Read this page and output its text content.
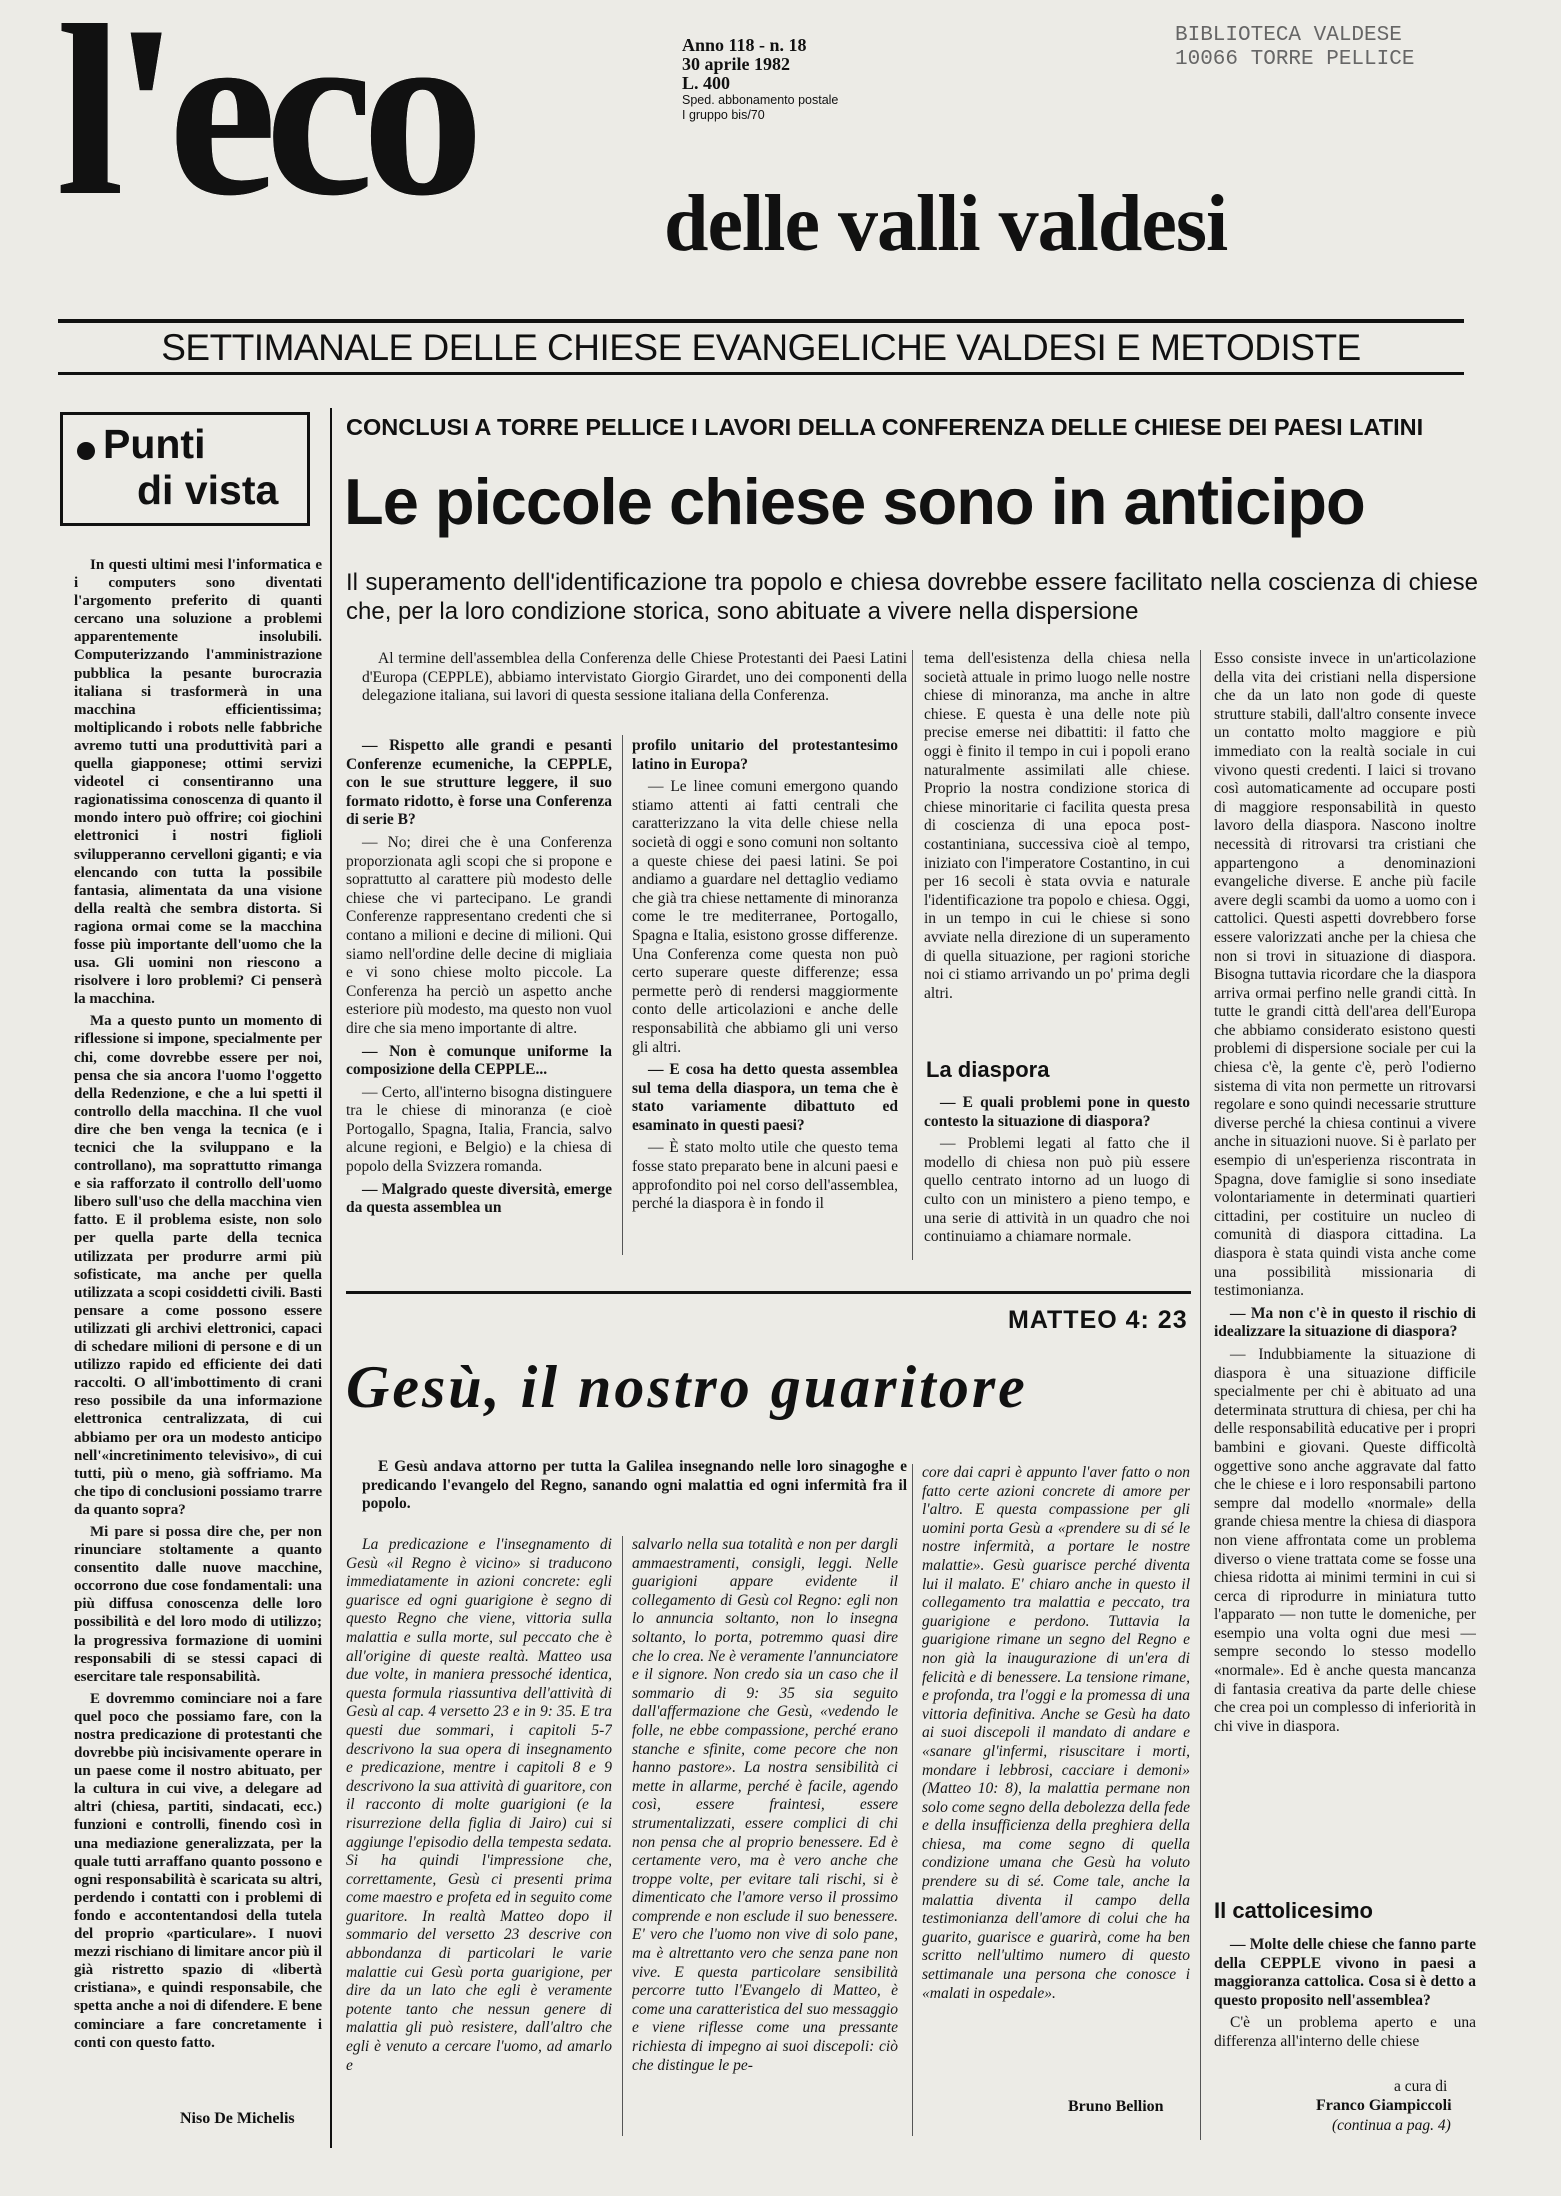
l'eco delle valli valdesi
Anno 118 - n. 18
30 aprile 1982
L. 400
Sped. abbonamento postale
I gruppo bis/70
BIBLIOTECA VALDESE
10066 TORRE PELLICE
SETTIMANALE DELLE CHIESE EVANGELICHE VALDESI E METODISTE
Punti
di vista

In questi ultimi mesi l'informatica e i computers sono diventati l'argomento preferito di quanti cercano una soluzione a problemi apparentemente insolubili. Computerizzando l'amministrazione pubblica la pesante burocrazia italiana si trasformerà in una macchina efficientissima; moltiplicando i robots nelle fabbriche avremo tutti una produttività pari a quella giapponese; ottimi servizi videotel ci consentiranno una ragionatissima conoscenza di quanto il mondo intero può offrire; coi giochini elettronici i nostri figlioli svilupperanno cervelloni giganti; e via elencando con tutta la possibile fantasia, alimentata da una visione della realtà che sembra distorta. Si ragiona ormai come se la macchina fosse più importante dell'uomo che la usa. Gli uomini non riescono a risolvere i loro problemi? Ci penserà la macchina.

Ma a questo punto un momento di riflessione si impone, specialmente per chi, come dovrebbe essere per noi, pensa che sia ancora l'uomo l'oggetto della Redenzione, e che a lui spetti il controllo della macchina. Il che vuol dire che ben venga la tecnica (e i tecnici che la sviluppano e la controllano), ma soprattutto rimanga e sia rafforzato il controllo dell'uomo libero sull'uso che della macchina vien fatto. E il problema esiste, non solo per quella parte della tecnica utilizzata per produrre armi più sofisticate, ma anche per quella utilizzata a scopi cosiddetti civili. Basti pensare a come possono essere utilizzati gli archivi elettronici, capaci di schedare milioni di persone e di un utilizzo rapido ed efficiente dei dati raccolti. O all'imbottimento di crani reso possibile da una informazione elettronica centralizzata, di cui abbiamo per ora un modesto anticipo nell'«incretinimento televisivo», di cui tutti, più o meno, già soffriamo. Ma che tipo di conclusioni possiamo trarre da quanto sopra?

Mi pare si possa dire che, per non rinunciare stoltamente a quanto consentito dalle nuove macchine, occorrono due cose fondamentali: una più diffusa conoscenza delle loro possibilità e del loro modo di utilizzo; la progressiva formazione di uomini responsabili di se stessi capaci di esercitare tale responsabilità.

E dovremmo cominciare noi a fare quel poco che possiamo fare, con la nostra predicazione di protestanti che dovrebbe più incisivamente operare in un paese come il nostro abituato, per la cultura in cui vive, a delegare ad altri (chiesa, partiti, sindacati, ecc.) funzioni e controlli, finendo così in una mediazione generalizzata, per la quale tutti arraffano quanto possono e ogni responsabilità è scaricata su altri, perdendo i contatti con i problemi di fondo e accontentandosi della tutela del proprio «particulare». I nuovi mezzi rischiano di limitare ancor più il già ristretto spazio di «libertà cristiana», e quindi responsabile, che spetta anche a noi di difendere. E bene cominciare a fare concretamente i conti con questo fatto.

Niso De Michelis
CONCLUSI A TORRE PELLICE I LAVORI DELLA CONFERENZA DELLE CHIESE DEI PAESI LATINI
Le piccole chiese sono in anticipo
Il superamento dell'identificazione tra popolo e chiesa dovrebbe essere facilitato nella coscienza di chiese che, per la loro condizione storica, sono abituate a vivere nella dispersione
Al termine dell'assemblea della Conferenza delle Chiese Protestanti dei Paesi Latini d'Europa (CEPPLE), abbiamo intervistato Giorgio Girardet, uno dei componenti della delegazione italiana, sui lavori di questa sessione italiana della Conferenza.

— Rispetto alle grandi e pesanti Conferenze ecumeniche, la CEPPLE, con le sue strutture leggere, il suo formato ridotto, è forse una Conferenza di serie B?

— No; direi che è una Conferenza proporzionata agli scopi che si propone e soprattutto al carattere più modesto delle chiese che vi partecipano. Le grandi Conferenze rappresentano credenti che si contano a milioni e decine di milioni. Qui siamo nell'ordine delle decine di migliaia e vi sono chiese molto piccole. La Conferenza ha perciò un aspetto anche esteriore più modesto, ma questo non vuol dire che sia meno importante di altre.

— Non è comunque uniforme la composizione della CEPPLE...

— Certo, all'interno bisogna distinguere tra le chiese di minoranza (e cioè Portogallo, Spagna, Italia, Francia, salvo alcune regioni, e Belgio) e la chiesa di popolo della Svizzera romanda.

— Malgrado queste diversità, emerge da questa assemblea un

profilo unitario del protestantesimo latino in Europa?

— Le linee comuni emergono quando stiamo attenti ai fatti centrali che caratterizzano la vita delle chiese nella società di oggi e sono comuni non soltanto a queste chiese dei paesi latini. Se poi andiamo a guardare nel dettaglio vediamo che già tra chiese nettamente di minoranza come le tre mediterranee, Portogallo, Spagna e Italia, esistono grosse differenze. Una Conferenza come questa non può certo superare queste differenze; essa permette però di rendersi maggiormente conto delle articolazioni e anche delle responsabilità che abbiamo gli uni verso gli altri.

— E cosa ha detto questa assemblea sul tema della diaspora, un tema che è stato variamente dibattuto ed esaminato in questi paesi?

— È stato molto utile che questo tema fosse stato preparato bene in alcuni paesi e approfondito poi nel corso dell'assemblea, perché la diaspora è in fondo il

tema dell'esistenza della chiesa nella società attuale in primo luogo nelle nostre chiese di minoranza, ma anche in altre chiese. E questa è una delle note più precise emerse nei dibattiti: il fatto che oggi è finito il tempo in cui i popoli erano naturalmente assimilati alle chiese. Proprio la nostra condizione storica di chiese minoritarie ci facilita questa presa di coscienza di una epoca post-costantiniana, successiva cioè al tempo, iniziato con l'imperatore Costantino, in cui per 16 secoli è stata ovvia e naturale l'identificazione tra popolo e chiesa. Oggi, in un tempo in cui le chiese si sono avviate nella direzione di un superamento di quella situazione, per ragioni storiche noi ci stiamo arrivando un po' prima degli altri.

La diaspora

— E quali problemi pone in questo contesto la situazione di diaspora?

— Problemi legati al fatto che il modello di chiesa non può più essere quello centrato intorno ad un luogo di culto con un ministero a pieno tempo, e una serie di attività in un quadro che noi continuiamo a chiamare normale.

Esso consiste invece in un'articolazione della vita dei cristiani nella dispersione che da un lato non gode di queste strutture stabili, dall'altro consente invece un contatto molto maggiore e più immediato con la realtà sociale in cui vivono questi credenti. I laici si trovano così automaticamente ad occupare posti di maggiore responsabilità in questo lavoro della diaspora. Nascono inoltre necessità di ritrovarsi tra cristiani che appartengono a denominazioni evangeliche diverse. E anche più facile avere degli scambi da uomo a uomo con i cattolici. Questi aspetti dovrebbero forse essere valorizzati anche per la chiesa che non si trovi in situazione di diaspora. Bisogna tuttavia ricordare che la diaspora arriva ormai perfino nelle grandi città. In tutte le grandi città dell'area dell'Europa che abbiamo considerato esistono questi problemi di dispersione sociale per cui la chiesa c'è, la gente c'è, però l'odierno sistema di vita non permette un ritrovarsi regolare e sono quindi necessarie strutture diverse perché la chiesa continui a vivere anche in situazioni nuove. Si è parlato per esempio di un'esperienza riscontrata in Spagna, dove famiglie si sono insediate volontariamente in determinati quartieri cittadini, per costituire un nucleo di comunità di diaspora cittadina. La diaspora è stata quindi vista anche come una possibilità missionaria di testimonianza.

— Ma non c'è in questo il rischio di idealizzare la situazione di diaspora?

— Indubbiamente la situazione di diaspora è una situazione difficile specialmente per chi è abituato ad una determinata struttura di chiesa, per chi ha delle responsabilità educative per i propri bambini e giovani. Queste difficoltà oggettive sono anche aggravate dal fatto che le chiese e i loro responsabili partono sempre dal modello «normale» della grande chiesa mentre la chiesa di diaspora non viene affrontata come un problema diverso o viene trattata come se fosse una chiesa ridotta ai minimi termini in cui si cerca di riprodurre in miniatura tutto l'apparato — non tutte le domeniche, per esempio una volta ogni due mesi — sempre secondo lo stesso modello «normale». Ed è anche questa mancanza di fantasia creativa da parte delle chiese che crea poi un complesso di inferiorità in chi vive in diaspora.

Il cattolicesimo

— Molte delle chiese che fanno parte della CEPPLE vivono in paesi a maggioranza cattolica. Cosa si è detto a questo proposito nell'assemblea?

C'è un problema aperto e una differenza all'interno delle chiese

a cura di
Franco Giampiccoli
(continua a pag. 4)
MATTEO 4: 23
Gesù, il nostro guaritore
E Gesù andava attorno per tutta la Galilea insegnando nelle loro sinagoghe e predicando l'evangelo del Regno, sanando ogni malattia ed ogni infermità fra il popolo.

La predicazione e l'insegnamento di Gesù «il Regno è vicino» si traducono immediatamente in azioni concrete: egli guarisce ed ogni guarigione è segno di questo Regno che viene, vittoria sulla malattia e sulla morte, sul peccato che è all'origine di queste realtà. Matteo usa due volte, in maniera pressoché identica, questa formula riassuntiva dell'attività di Gesù al cap. 4 versetto 23 e in 9: 35. E tra questi due sommari, i capitoli 5-7 descrivono la sua opera di insegnamento e predicazione, mentre i capitoli 8 e 9 descrivono la sua attività di guaritore, con il racconto di molte guarigioni (e la risurrezione della figlia di Jairo) cui si aggiunge l'episodio della tempesta sedata. Si ha quindi l'impressione che, correttamente, Gesù ci presenti prima come maestro e profeta ed in seguito come guaritore. In realtà Matteo dopo il sommario del versetto 23 descrive con abbondanza di particolari le varie malattie cui Gesù porta guarigione, per dire da un lato che egli è veramente potente tanto che nessun genere di malattia gli può resistere, dall'altro che egli è venuto a cercare l'uomo, ad amarlo e

salvarlo nella sua totalità e non per dargli ammaestramenti, consigli, leggi. Nelle guarigioni appare evidente il collegamento di Gesù col Regno: egli non lo annuncia soltanto, non lo insegna soltanto, lo porta, potremmo quasi dire che lo crea. Ne è veramente l'annunciatore e il signore. Non credo sia un caso che il sommario di 9: 35 sia seguito dall'affermazione che Gesù, «vedendo le folle, ne ebbe compassione, perché erano stanche e sfinite, come pecore che non hanno pastore». La nostra sensibilità ci mette in allarme, perché è facile, agendo così, essere fraintesi, essere strumentalizzati, essere complici di chi non pensa che al proprio benessere. Ed è certamente vero, ma è vero anche che troppe volte, per evitare tali rischi, si è dimenticato che l'amore verso il prossimo comprende e non esclude il suo benessere. E' vero che l'uomo non vive di solo pane, ma è altrettanto vero che senza pane non vive. E questa particolare sensibilità percorre tutto l'Evangelo di Matteo, è come una caratteristica del suo messaggio e viene riflesse come una pressante richiesta di impegno ai suoi discepoli: ciò che distingue le pe-

core dai capri è appunto l'aver fatto o non fatto certe azioni concrete di amore per l'altro. E questa compassione per gli uomini porta Gesù a «prendere su di sé le nostre infermità, a portare le nostre malattie». Gesù guarisce perché diventa lui il malato. E' chiaro anche in questo il collegamento tra malattia e peccato, tra guarigione e perdono. Tuttavia la guarigione rimane un segno del Regno e non già la inaugurazione di un'era di felicità e di benessere. La tensione rimane, e profonda, tra l'oggi e la promessa di una vittoria definitiva. Anche se Gesù ha dato ai suoi discepoli il mandato di andare e «sanare gl'infermi, risuscitare i morti, mondare i lebbrosi, cacciare i demoni» (Matteo 10: 8), la malattia permane non solo come segno della debolezza della fede e della insufficienza della preghiera della chiesa, ma come segno di quella condizione umana che Gesù ha voluto prendere su di sé. Come tale, anche la malattia diventa il campo della testimonianza dell'amore di colui che ha guarito, guarisce e guarirà, come ha ben scritto nell'ultimo numero di questo settimanale una persona che conosce i «malati in ospedale».

Bruno Bellion
